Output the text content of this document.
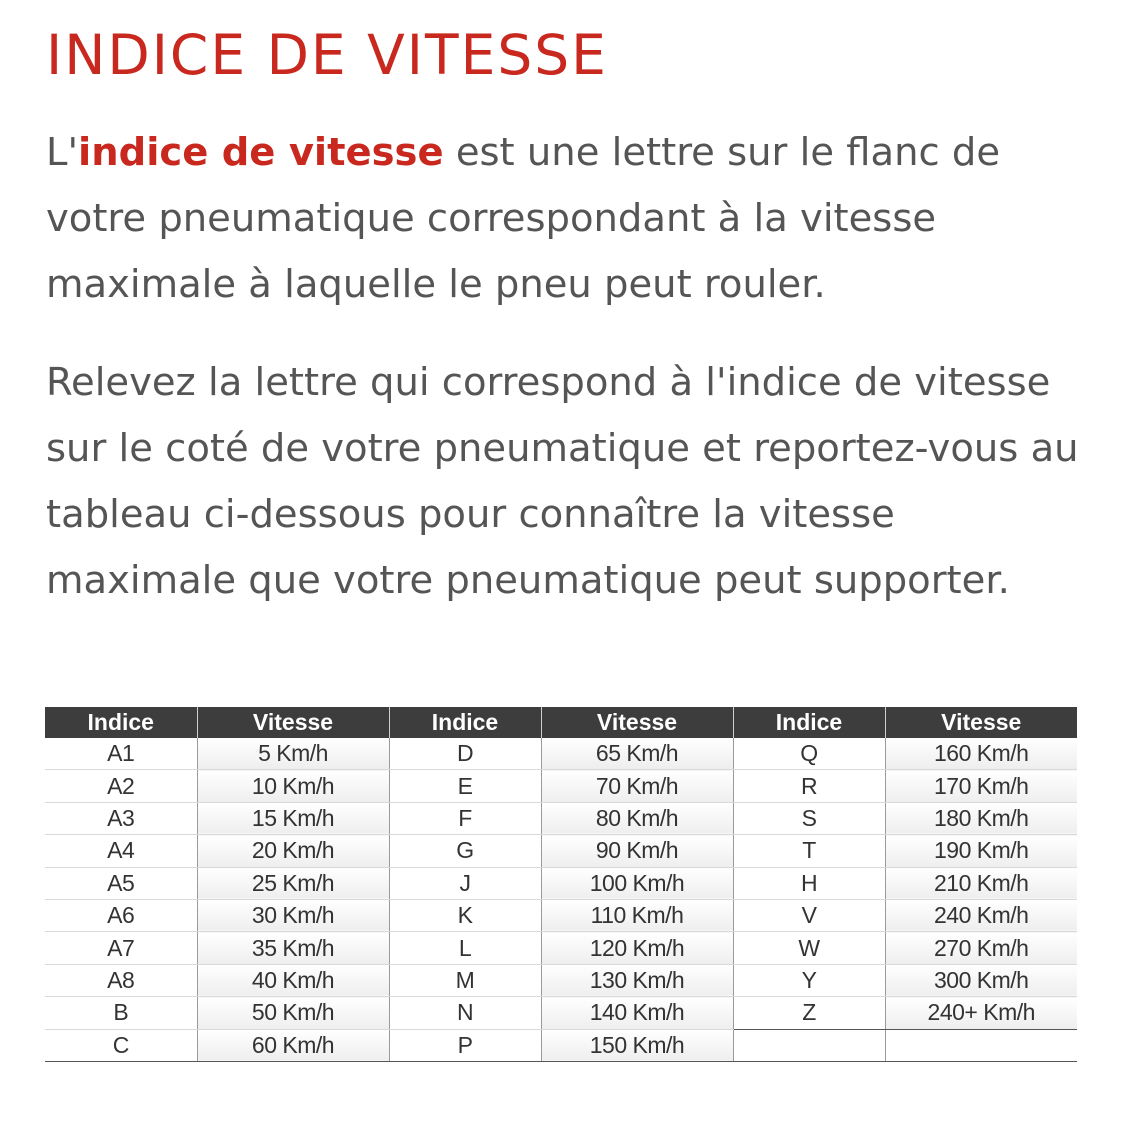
INDICE DE VITESSE

L'indice de vitesse est une lettre sur le flanc de votre pneumatique correspondant à la vitesse maximale à laquelle le pneu peut rouler.

Relevez la lettre qui correspond à l'indice de vitesse sur le coté de votre pneumatique et reportez-vous au tableau ci-dessous pour connaître la vitesse maximale que votre pneumatique peut supporter.

Indice	Vitesse	Indice	Vitesse	Indice	Vitesse
A1	5 Km/h	D	65 Km/h	Q	160 Km/h
A2	10 Km/h	E	70 Km/h	R	170 Km/h
A3	15 Km/h	F	80 Km/h	S	180 Km/h
A4	20 Km/h	G	90 Km/h	T	190 Km/h
A5	25 Km/h	J	100 Km/h	H	210 Km/h
A6	30 Km/h	K	110 Km/h	V	240 Km/h
A7	35 Km/h	L	120 Km/h	W	270 Km/h
A8	40 Km/h	M	130 Km/h	Y	300 Km/h
B	50 Km/h	N	140 Km/h	Z	240+ Km/h
C	60 Km/h	P	150 Km/h		
